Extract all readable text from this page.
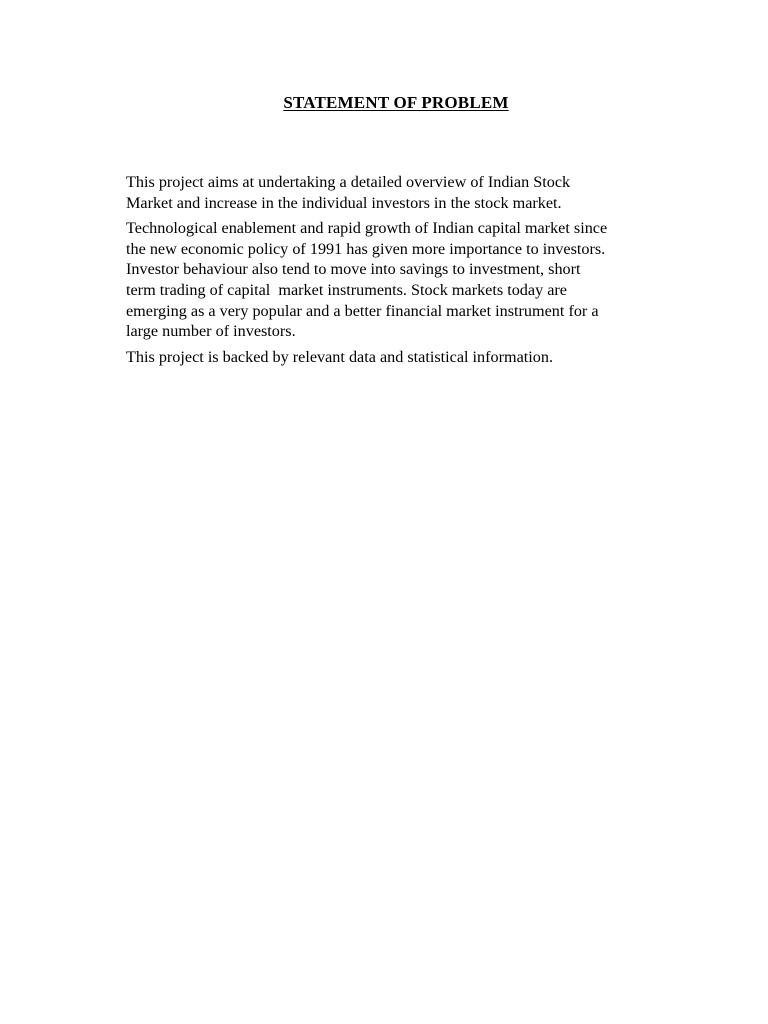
STATEMENT OF PROBLEM

This project aims at undertaking a detailed overview of Indian Stock
Market and increase in the individual investors in the stock market.

Technological enablement and rapid growth of Indian capital market since
the new economic policy of 1991 has given more importance to investors.
Investor behaviour also tend to move into savings to investment, short
term trading of capital  market instruments. Stock markets today are
emerging as a very popular and a better financial market instrument for a
large number of investors.

This project is backed by relevant data and statistical information.
